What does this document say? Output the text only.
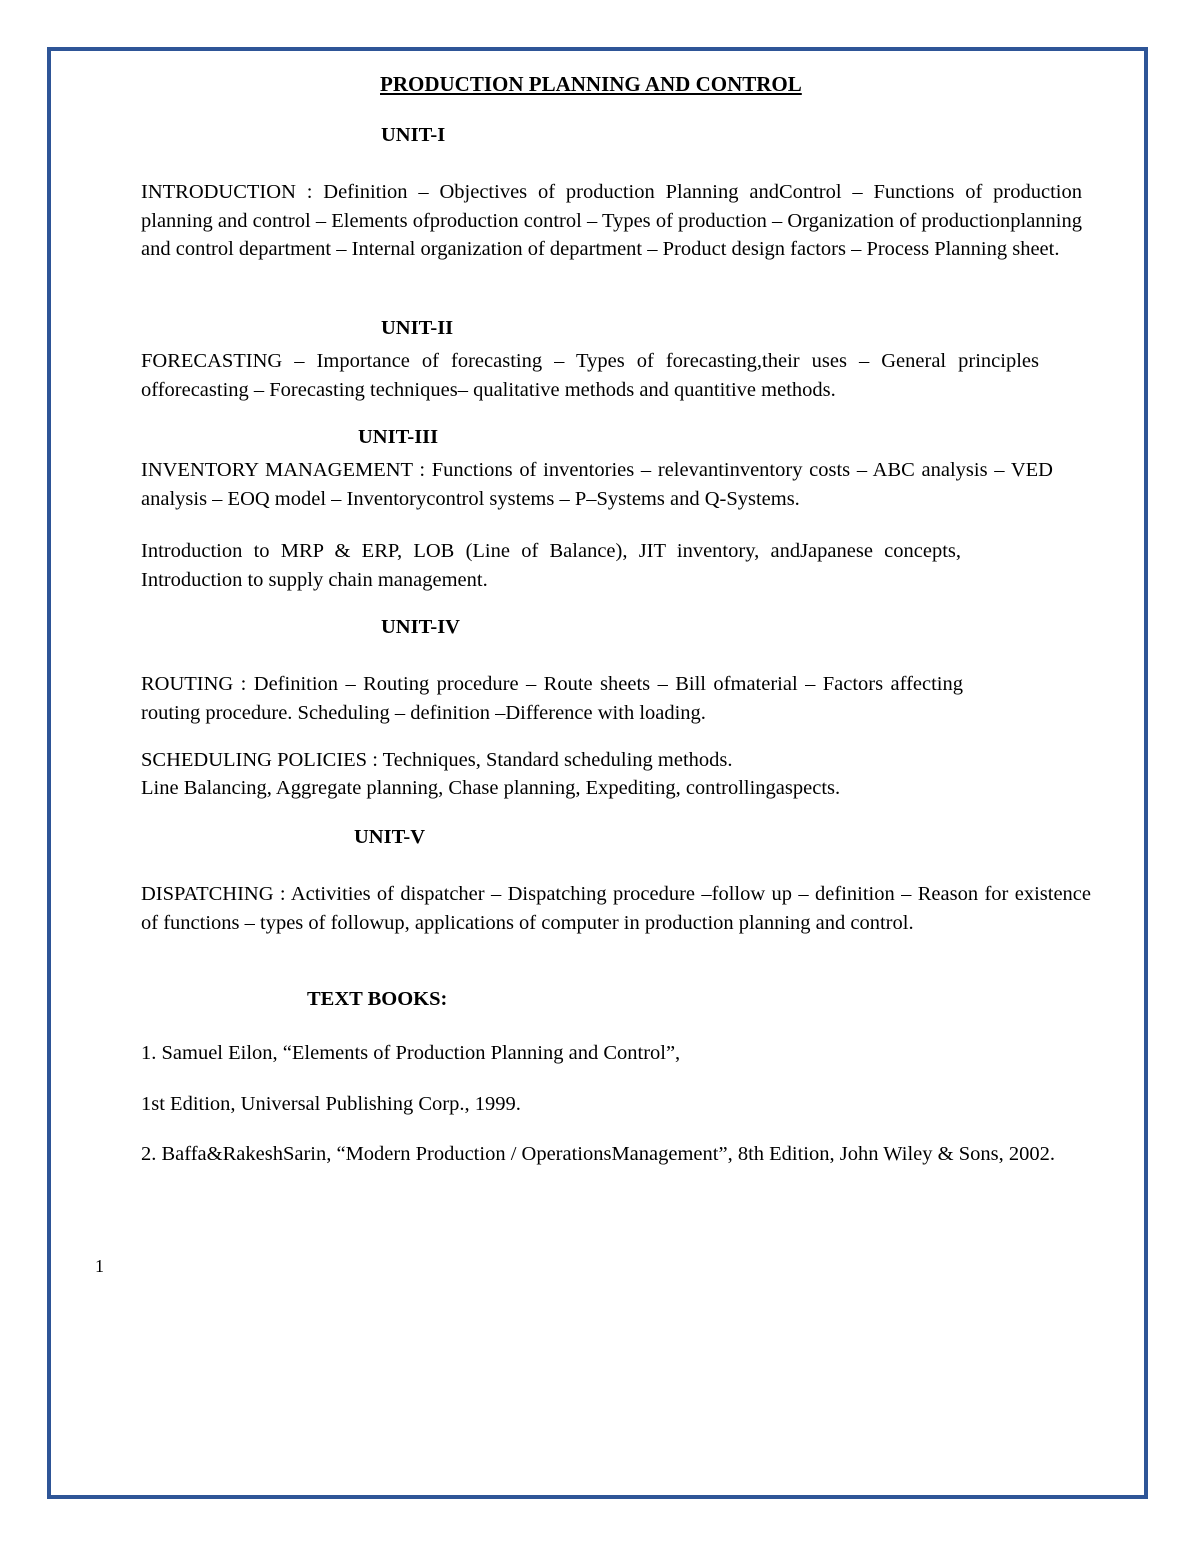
PRODUCTION PLANNING AND CONTROL
UNIT-I
INTRODUCTION : Definition – Objectives of production Planning andControl – Functions of production planning and control – Elements ofproduction control – Types of production – Organization of productionplanning and control department – Internal organization of department – Product design factors – Process Planning sheet.
UNIT-II
FORECASTING – Importance of forecasting – Types of forecasting,their uses – General principles offorecasting – Forecasting techniques– qualitative methods and quantitive methods.
UNIT-III
INVENTORY MANAGEMENT : Functions of inventories – relevantinventory costs – ABC analysis – VED analysis – EOQ model – Inventorycontrol systems – P–Systems and Q-Systems.
Introduction to MRP & ERP, LOB (Line of Balance), JIT inventory, andJapanese concepts, Introduction to supply chain management.
UNIT-IV
ROUTING : Definition – Routing procedure – Route sheets – Bill ofmaterial – Factors affecting routing procedure. Scheduling – definition –Difference with loading.
SCHEDULING POLICIES : Techniques, Standard scheduling methods.
Line Balancing, Aggregate planning, Chase planning, Expediting, controllingaspects.
UNIT-V
DISPATCHING : Activities of dispatcher – Dispatching procedure –follow up – definition – Reason for existence of functions – types of followup, applications of computer in production planning and control.
TEXT BOOKS:
1. Samuel Eilon, “Elements of Production Planning and Control”,
1st Edition, Universal Publishing Corp., 1999.
2. Baffa&RakeshSarin, “Modern Production / OperationsManagement”, 8th Edition, John Wiley & Sons, 2002.
1
